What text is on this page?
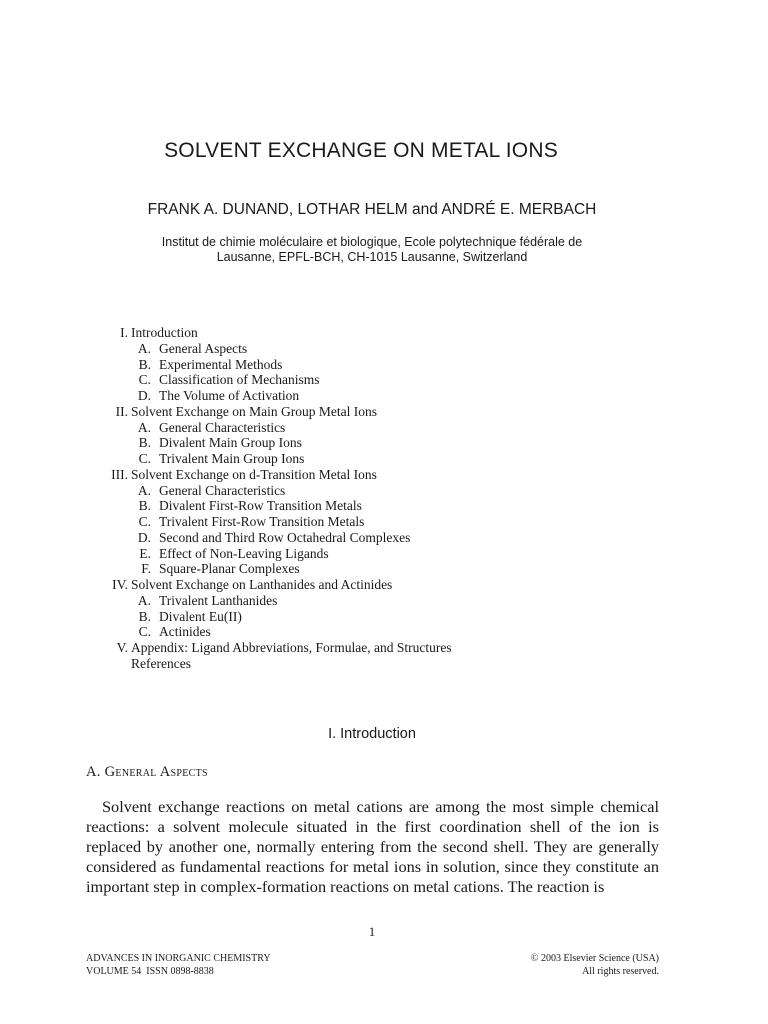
SOLVENT EXCHANGE ON METAL IONS
FRANK A. DUNAND, LOTHAR HELM and ANDRÉ E. MERBACH
Institut de chimie moléculaire et biologique, Ecole polytechnique fédérale de
Lausanne, EPFL-BCH, CH-1015 Lausanne, Switzerland
I. Introduction
A. General Aspects
B. Experimental Methods
C. Classification of Mechanisms
D. The Volume of Activation
II. Solvent Exchange on Main Group Metal Ions
A. General Characteristics
B. Divalent Main Group Ions
C. Trivalent Main Group Ions
III. Solvent Exchange on d-Transition Metal Ions
A. General Characteristics
B. Divalent First-Row Transition Metals
C. Trivalent First-Row Transition Metals
D. Second and Third Row Octahedral Complexes
E. Effect of Non-Leaving Ligands
F. Square-Planar Complexes
IV. Solvent Exchange on Lanthanides and Actinides
A. Trivalent Lanthanides
B. Divalent Eu(II)
C. Actinides
V. Appendix: Ligand Abbreviations, Formulae, and Structures
References
I. Introduction
A. General Aspects
Solvent exchange reactions on metal cations are among the most simple chemical reactions: a solvent molecule situated in the first coordination shell of the ion is replaced by another one, normally entering from the second shell. They are generally considered as fundamental reactions for metal ions in solution, since they constitute an important step in complex-formation reactions on metal cations. The reaction is
1
ADVANCES IN INORGANIC CHEMISTRY
VOLUME 54  ISSN 0898-8838
© 2003 Elsevier Science (USA)
All rights reserved.
